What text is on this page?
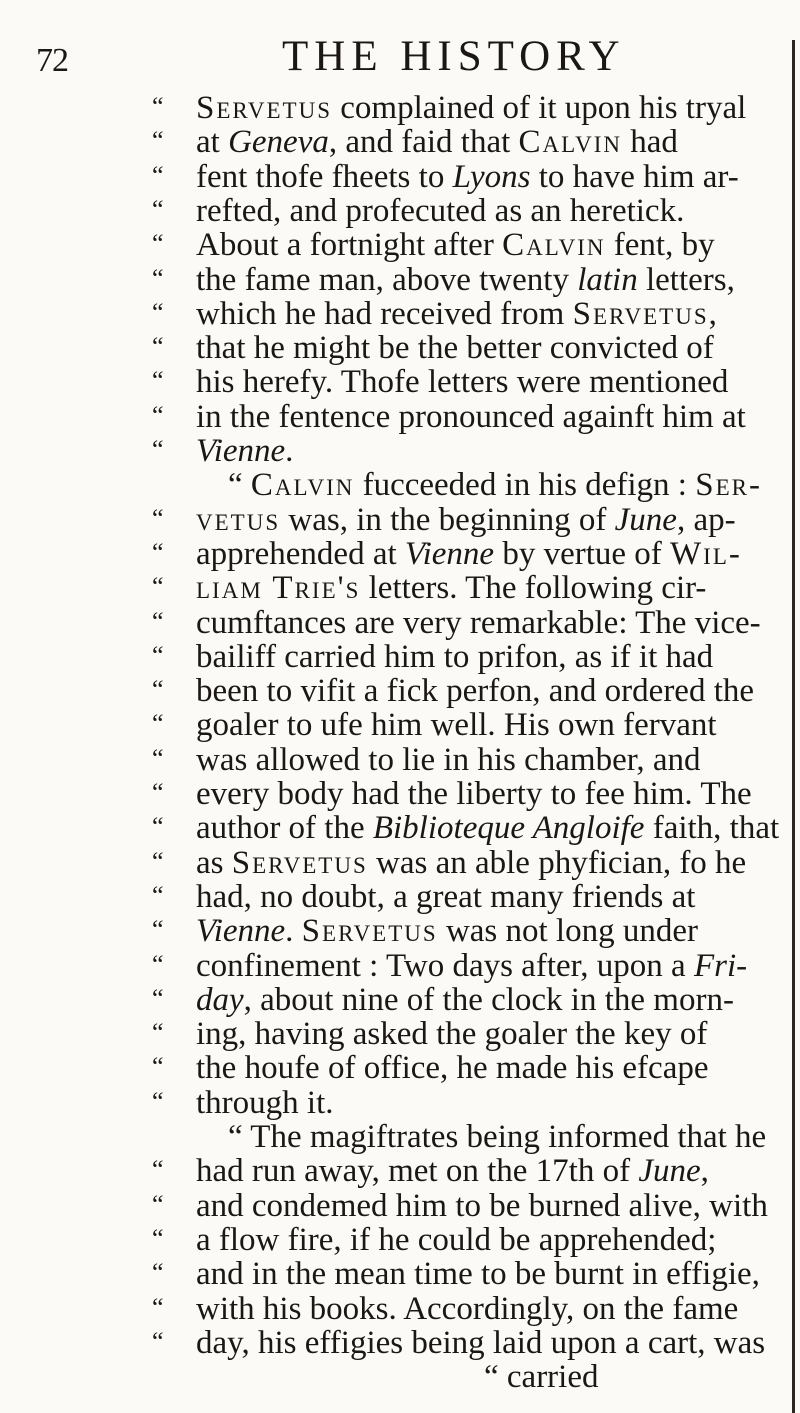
72	THE HISTORY
“ Servetus complained of it upon his tryal
“ at Geneva, and faid that Calvin had
“ fent thofe fheets to Lyons to have him ar-
“ refted, and profecuted as an heretick.
“ About a fortnight after Calvin fent, by
“ the fame man, above twenty latin letters,
“ which he had received from Servetus,
“ that he might be the better convicted of
“ his herefy. Thofe letters were mentioned
“ in the fentence pronounced againft him at
“ Vienne.
“ Calvin fucceeded in his defign : Ser-
“ vetus was, in the beginning of June, ap-
“ apprehended at Vienne by vertue of Wil-
“ liam Trie's letters. The following cir-
“ cumftances are very remarkable: The vice-
“ bailiff carried him to prifon, as if it had
“ been to vifit a fick perfon, and ordered the
“ goaler to ufe him well. His own fervant
“ was allowed to lie in his chamber, and
“ every body had the liberty to fee him. The
“ author of the Biblioteque Angloife faith, that
“ as Servetus was an able phyfician, fo he
“ had, no doubt, a great many friends at
“ Vienne. Servetus was not long under
“ confinement : Two days after, upon a Fri-
“ day, about nine of the clock in the morn-
“ ing, having asked the goaler the key of
“ the houfe of office, he made his efcape
“ through it.
“ The magiftrates being informed that he
“ had run away, met on the 17th of June,
“ and condemed him to be burned alive, with
“ a flow fire, if he could be apprehended;
“ and in the mean time to be burnt in effigie,
“ with his books. Accordingly, on the fame
“ day, his effigies being laid upon a cart, was
“ carried
